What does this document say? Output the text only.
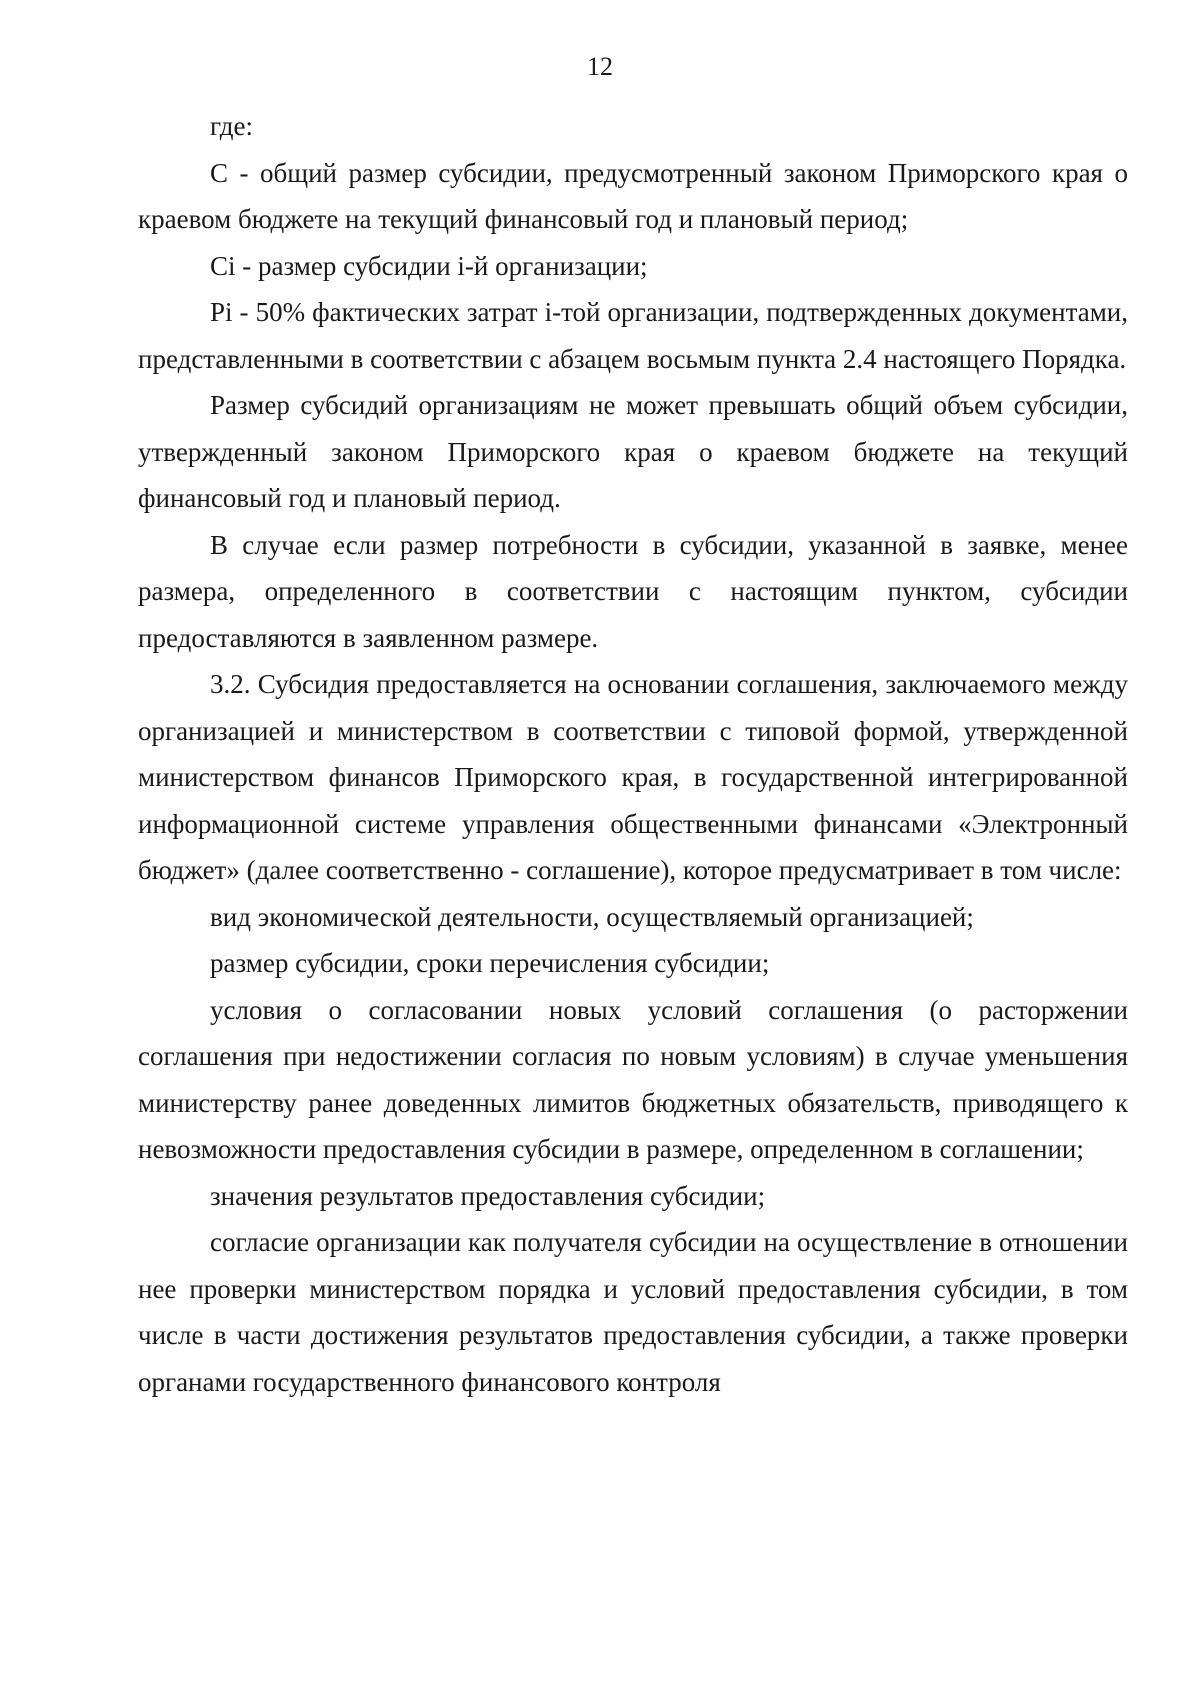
12

где:

С - общий размер субсидии, предусмотренный законом Приморского края о краевом бюджете на текущий финансовый год и плановый период;

Ci - размер субсидии i-й организации;

Pi - 50% фактических затрат i-той организации, подтвержденных документами, представленными в соответствии с абзацем восьмым пункта 2.4 настоящего Порядка.

Размер субсидий организациям не может превышать общий объем субсидии, утвержденный законом Приморского края о краевом бюджете на текущий финансовый год и плановый период.

В случае если размер потребности в субсидии, указанной в заявке, менее размера, определенного в соответствии с настоящим пунктом, субсидии предоставляются в заявленном размере.

3.2. Субсидия предоставляется на основании соглашения, заключаемого между организацией и министерством в соответствии с типовой формой, утвержденной министерством финансов Приморского края, в государственной интегрированной информационной системе управления общественными финансами «Электронный бюджет» (далее соответственно - соглашение), которое предусматривает в том числе:

вид экономической деятельности, осуществляемый организацией;

размер субсидии, сроки перечисления субсидии;

условия о согласовании новых условий соглашения (о расторжении соглашения при недостижении согласия по новым условиям) в случае уменьшения министерству ранее доведенных лимитов бюджетных обязательств, приводящего к невозможности предоставления субсидии в размере, определенном в соглашении;

значения результатов предоставления субсидии;

согласие организации как получателя субсидии на осуществление в отношении нее проверки министерством порядка и условий предоставления субсидии, в том числе в части достижения результатов предоставления субсидии, а также проверки органами государственного финансового контроля
